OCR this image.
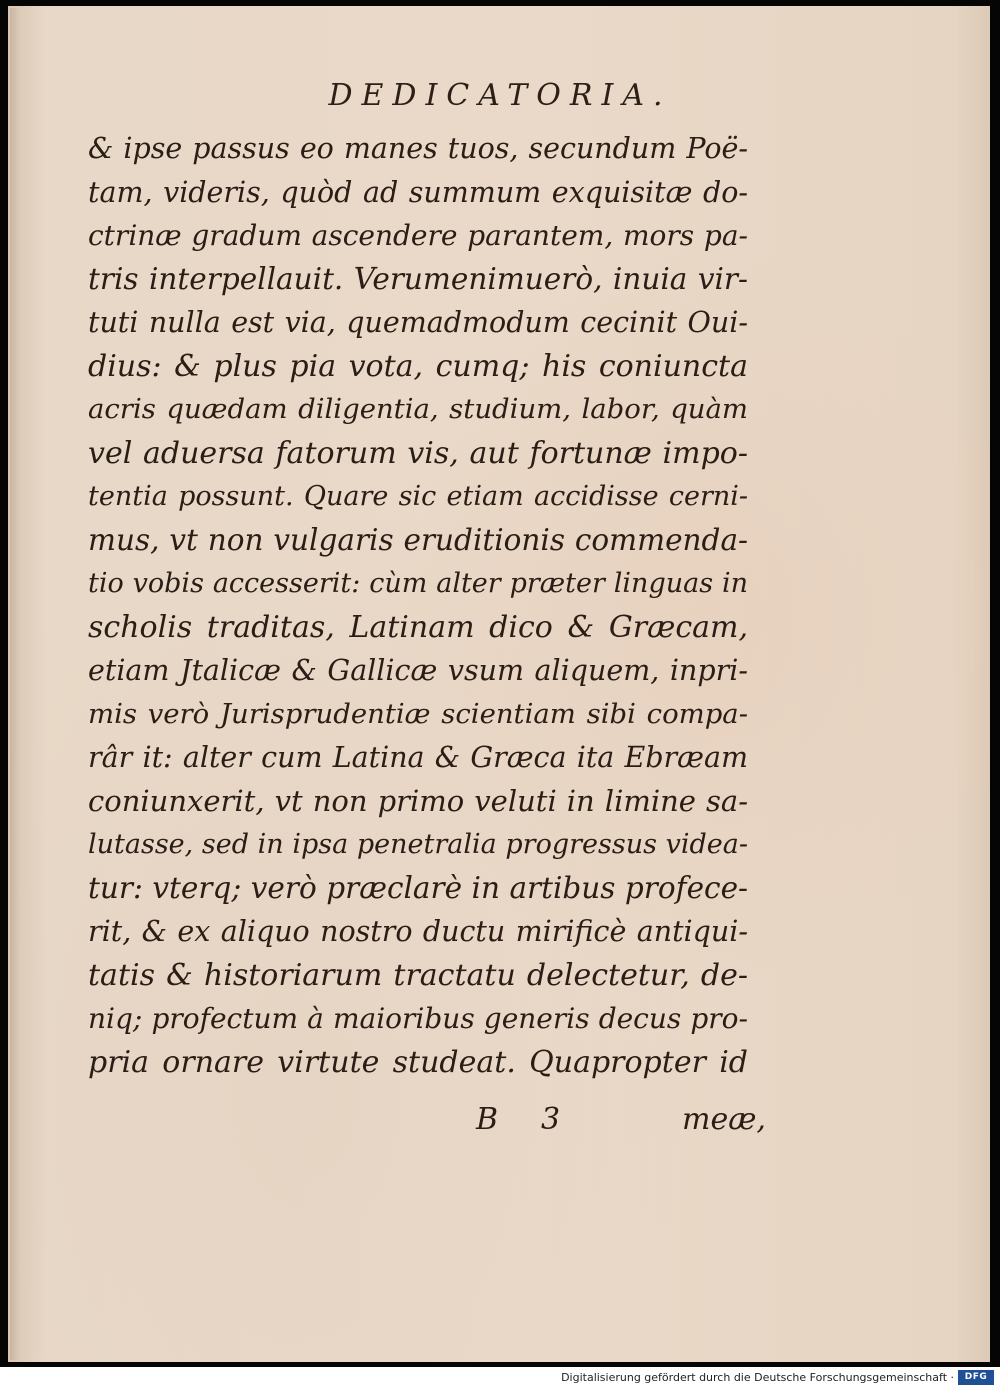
DEDICATORIA.
& ipse passus eo manes tuos, secundum Poë-
tam, videris, quòd ad summum exquisitæ do-
ctrinæ gradum ascendere parantem, mors pa-
tris interpellauit. Verumenimuerò, inuia vir-
tuti nulla est via, quemadmodum cecinit Oui-
dius: & plus pia vota, cumq; his coniuncta
acris quædam diligentia, studium, labor, quàm
vel aduersa fatorum vis, aut fortunæ impo-
tentia possunt. Quare sic etiam accidisse cerni-
mus, vt non vulgaris eruditionis commenda-
tio vobis accesserit: cùm alter præter linguas in
scholis traditas, Latinam dico & Græcam,
etiam Jtalicæ & Gallicæ vsum aliquem, inpri-
mis verò Jurisprudentiæ scientiam sibi compa-
râr it: alter cum Latina & Græca ita Ebræam
coniunxerit, vt non primo veluti in limine sa-
lutasse, sed in ipsa penetralia progressus videa-
tur: vterq; verò præclarè in artibus profece-
rit, & ex aliquo nostro ductu mirificè antiqui-
tatis & historiarum tractatu delectetur, de-
niq; profectum à maioribus generis decus pro-
pria ornare virtute studeat. Quapropter id
B 3	meæ,
Digitalisierung gefördert durch die Deutsche Forschungsgemeinschaft ·	DFG
